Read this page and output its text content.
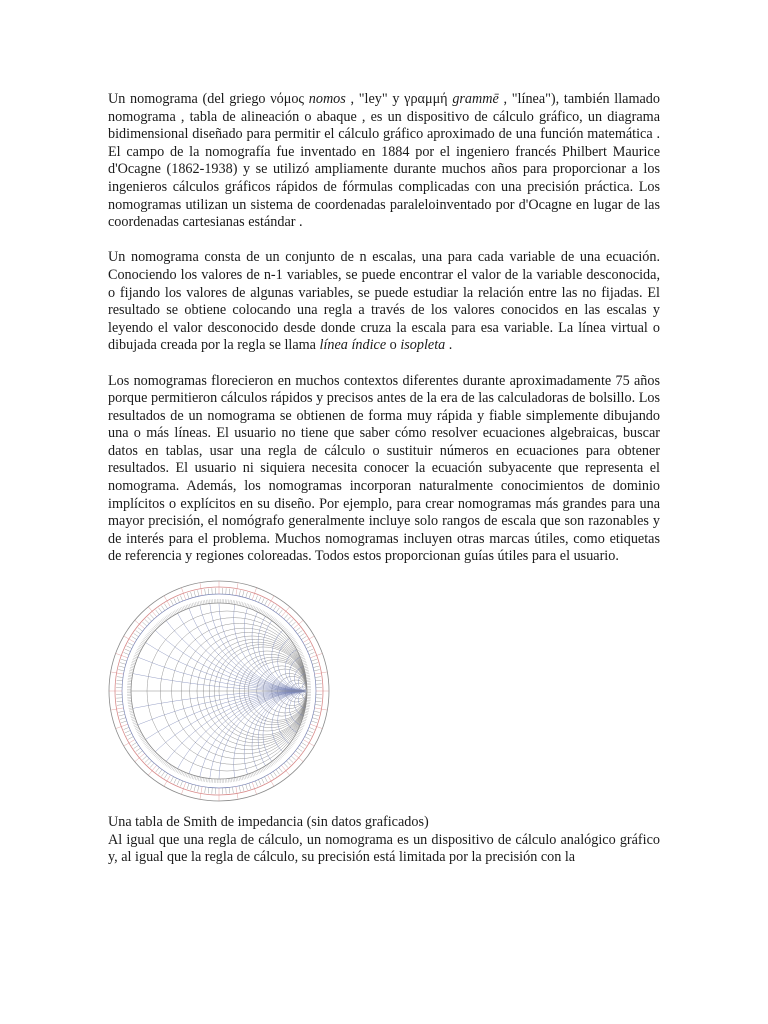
Un nomograma (del griego νόμος nomos , "ley" y γραμμή grammē , "línea"), también llamado nomograma , tabla de alineación o abaque , es un dispositivo de cálculo gráfico, un diagrama bidimensional diseñado para permitir el cálculo gráfico aproximado de una función matemática . El campo de la nomografía fue inventado en 1884 por el ingeniero francés Philbert Maurice d'Ocagne (1862-1938) y se utilizó ampliamente durante muchos años para proporcionar a los ingenieros cálculos gráficos rápidos de fórmulas complicadas con una precisión práctica. Los nomogramas utilizan un sistema de coordenadas paraleloinventado por d'Ocagne en lugar de las coordenadas cartesianas estándar .

Un nomograma consta de un conjunto de n escalas, una para cada variable de una ecuación. Conociendo los valores de n-1 variables, se puede encontrar el valor de la variable desconocida, o fijando los valores de algunas variables, se puede estudiar la relación entre las no fijadas. El resultado se obtiene colocando una regla a través de los valores conocidos en las escalas y leyendo el valor desconocido desde donde cruza la escala para esa variable. La línea virtual o dibujada creada por la regla se llama línea índice o isopleta .

Los nomogramas florecieron en muchos contextos diferentes durante aproximadamente 75 años porque permitieron cálculos rápidos y precisos antes de la era de las calculadoras de bolsillo. Los resultados de un nomograma se obtienen de forma muy rápida y fiable simplemente dibujando una o más líneas. El usuario no tiene que saber cómo resolver ecuaciones algebraicas, buscar datos en tablas, usar una regla de cálculo o sustituir números en ecuaciones para obtener resultados. El usuario ni siquiera necesita conocer la ecuación subyacente que representa el nomograma. Además, los nomogramas incorporan naturalmente conocimientos de dominio implícitos o explícitos en su diseño. Por ejemplo, para crear nomogramas más grandes para una mayor precisión, el nomógrafo generalmente incluye solo rangos de escala que son razonables y de interés para el problema. Muchos nomogramas incluyen otras marcas útiles, como etiquetas de referencia y regiones coloreadas. Todos estos proporcionan guías útiles para el usuario.

Una tabla de Smith de impedancia (sin datos graficados)

Al igual que una regla de cálculo, un nomograma es un dispositivo de cálculo analógico gráfico y, al igual que la regla de cálculo, su precisión está limitada por la precisión con la
